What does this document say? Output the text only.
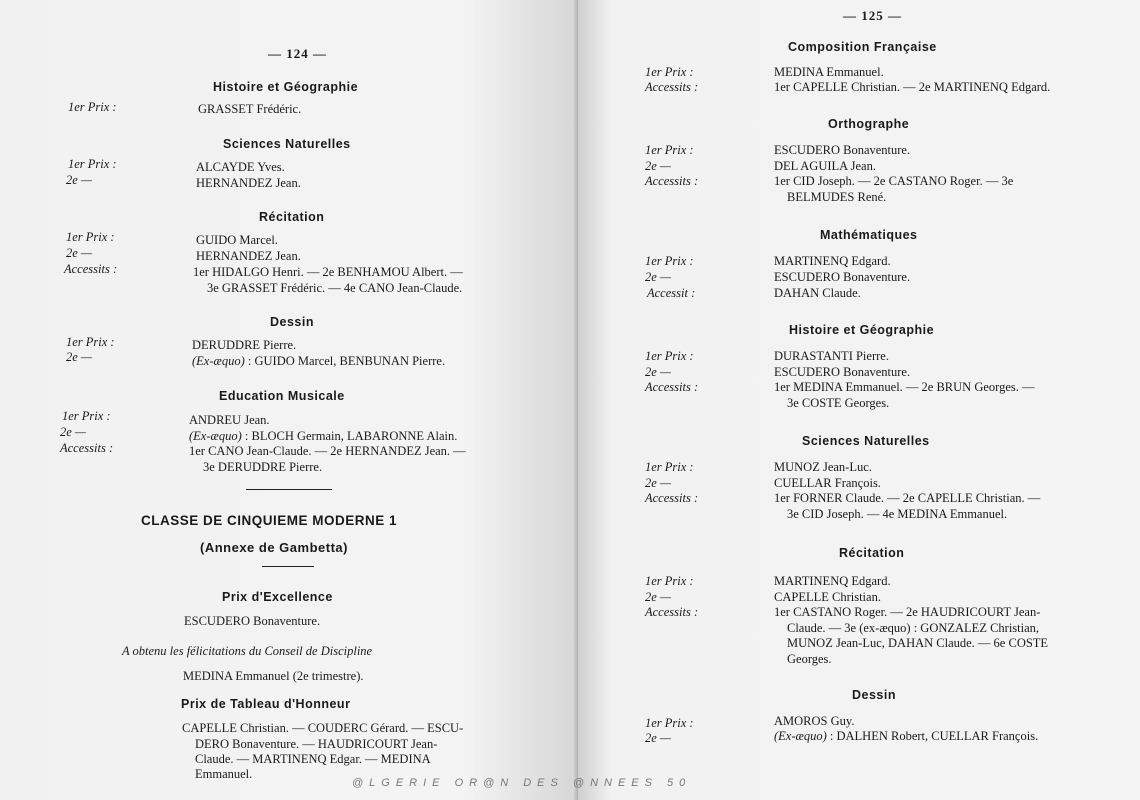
— 124 —
Histoire et Géographie
1er Prix :	GRASSET Frédéric.
Sciences Naturelles
1er Prix :	ALCAYDE Yves.
2e —	HERNANDEZ Jean.
Récitation
1er Prix :	GUIDO Marcel.
2e —	HERNANDEZ Jean.
Accessits :	1er HIDALGO Henri. — 2e BENHAMOU Albert. —
3e GRASSET Frédéric. — 4e CANO Jean-Claude.
Dessin
1er Prix :	DERUDDRE Pierre.
2e —	(Ex-æquo) : GUIDO Marcel, BENBUNAN Pierre.
Education Musicale
1er Prix :	ANDREU Jean.
2e —	(Ex-æquo) : BLOCH Germain, LABARONNE Alain.
Accessits :	1er CANO Jean-Claude. — 2e HERNANDEZ Jean. —
3e DERUDDRE Pierre.
CLASSE DE CINQUIEME MODERNE 1
(Annexe de Gambetta)
Prix d'Excellence
ESCUDERO Bonaventure.
A obtenu les félicitations du Conseil de Discipline
MEDINA Emmanuel (2e trimestre).
Prix de Tableau d'Honneur
CAPELLE Christian. — COUDERC Gérard. — ESCU-
DERO Bonaventure. — HAUDRICOURT Jean-
Claude. — MARTINENQ Edgar. — MEDINA
Emmanuel.
— 125 —
Composition Française
1er Prix :	MEDINA Emmanuel.
Accessits :	1er CAPELLE Christian. — 2e MARTINENQ Edgard.
Orthographe
1er Prix :	ESCUDERO Bonaventure.
2e —	DEL AGUILA Jean.
Accessits :	1er CID Joseph. — 2e CASTANO Roger. — 3e
BELMUDES René.
Mathématiques
1er Prix :	MARTINENQ Edgard.
2e —	ESCUDERO Bonaventure.
Accessit :	DAHAN Claude.
Histoire et Géographie
1er Prix :	DURASTANTI Pierre.
2e —	ESCUDERO Bonaventure.
Accessits :	1er MEDINA Emmanuel. — 2e BRUN Georges. —
3e COSTE Georges.
Sciences Naturelles
1er Prix :	MUNOZ Jean-Luc.
2e —	CUELLAR François.
Accessits :	1er FORNER Claude. — 2e CAPELLE Christian. —
3e CID Joseph. — 4e MEDINA Emmanuel.
Récitation
1er Prix :	MARTINENQ Edgard.
2e —	CAPELLE Christian.
Accessits :	1er CASTANO Roger. — 2e HAUDRICOURT Jean-
Claude. — 3e (ex-æquo) : GONZALEZ Christian,
MUNOZ Jean-Luc, DAHAN Claude. — 6e COSTE
Georges.
Dessin
1er Prix :	AMOROS Guy.
2e —	(Ex-æquo) : DALHEN Robert, CUELLAR François.
@LGERIE OR@N DES @NNEES 50
